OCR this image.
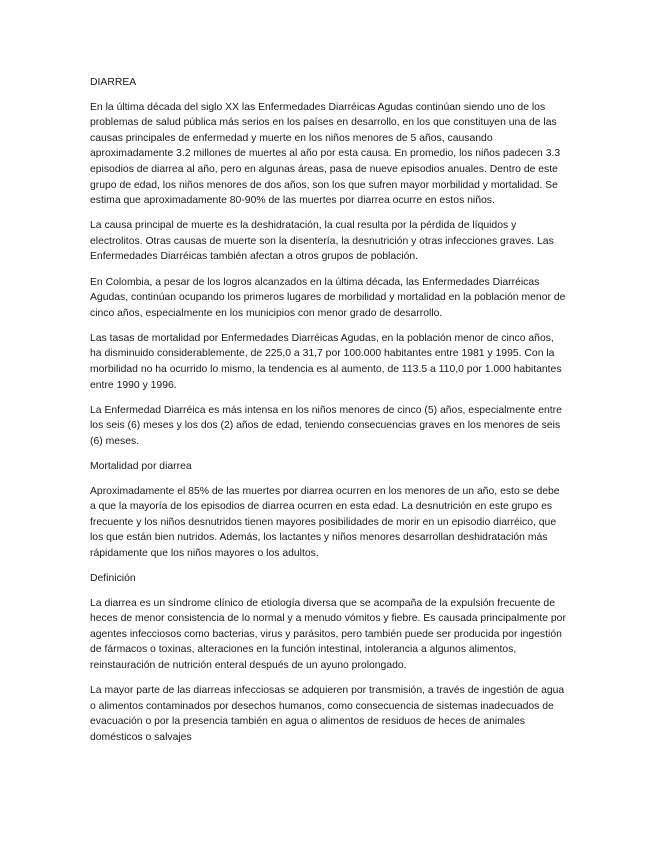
DIARREA

En la última década del siglo XX las Enfermedades Diarréicas Agudas continúan siendo uno de los problemas de salud pública más serios en los países en desarrollo, en los que constituyen una de las causas principales de enfermedad y muerte en los niños menores de 5 años, causando aproximadamente 3.2 millones de muertes al año por esta causa. En promedio, los niños padecen 3.3 episodios de diarrea al año, pero en algunas áreas, pasa de nueve episodios anuales. Dentro de este grupo de edad, los niños menores de dos años, son los que sufren mayor morbilidad y mortalidad. Se estima que aproximadamente 80-90% de las muertes por diarrea ocurre en estos niños.

La causa principal de muerte es la deshidratación, la cual resulta por la pérdida de líquidos y electrolitos. Otras causas de muerte son la disentería, la desnutrición y otras infecciones graves. Las Enfermedades Diarréicas también afectan a otros grupos de población.

En Colombia, a pesar de los logros alcanzados en la última década, las Enfermedades Diarréicas Agudas, continúan ocupando los primeros lugares de morbilidad y mortalidad en la población menor de cinco años, especialmente en los municipios con menor grado de desarrollo.

Las tasas de mortalidad por Enfermedades Diarréicas Agudas, en la población menor de cinco años, ha disminuido considerablemente, de 225,0 a 31,7 por 100.000 habitantes entre 1981 y 1995. Con la morbilidad no ha ocurrido lo mismo, la tendencia es al aumento, de 113.5 a 110,0 por 1.000 habitantes entre 1990 y 1996.

La Enfermedad Diarréica es más intensa en los niños menores de cinco (5) años, especialmente entre los seis (6) meses y los dos (2) años de edad, teniendo consecuencias graves en los menores de seis (6) meses.

Mortalidad por diarrea

Aproximadamente el 85% de las muertes por diarrea ocurren en los menores de un año, esto se debe a que la mayoría de los episodios de diarrea ocurren en esta edad. La desnutrición en este grupo es frecuente y los niños desnutridos tienen mayores posibilidades de morir en un episodio diarréico, que los que están bien nutridos. Además, los lactantes y niños menores desarrollan deshidratación más rápidamente que los niños mayores o los adultos.

Definición

La diarrea es un síndrome clínico de etiología diversa que se acompaña de la expulsión frecuente de heces de menor consistencia de lo normal y a menudo vómitos y fiebre. Es causada principalmente por agentes infecciosos como bacterias, virus y parásitos, pero también puede ser producida por ingestión de fármacos o toxinas, alteraciones en la función intestinal, intolerancia a algunos alimentos, reinstauración de nutrición enteral después de un ayuno prolongado.

La mayor parte de las diarreas infecciosas se adquieren por transmisión, a través de ingestión de agua o alimentos contaminados por desechos humanos, como consecuencia de sistemas inadecuados de evacuación o por la presencia también en agua o alimentos de residuos de heces de animales domésticos o salvajes
